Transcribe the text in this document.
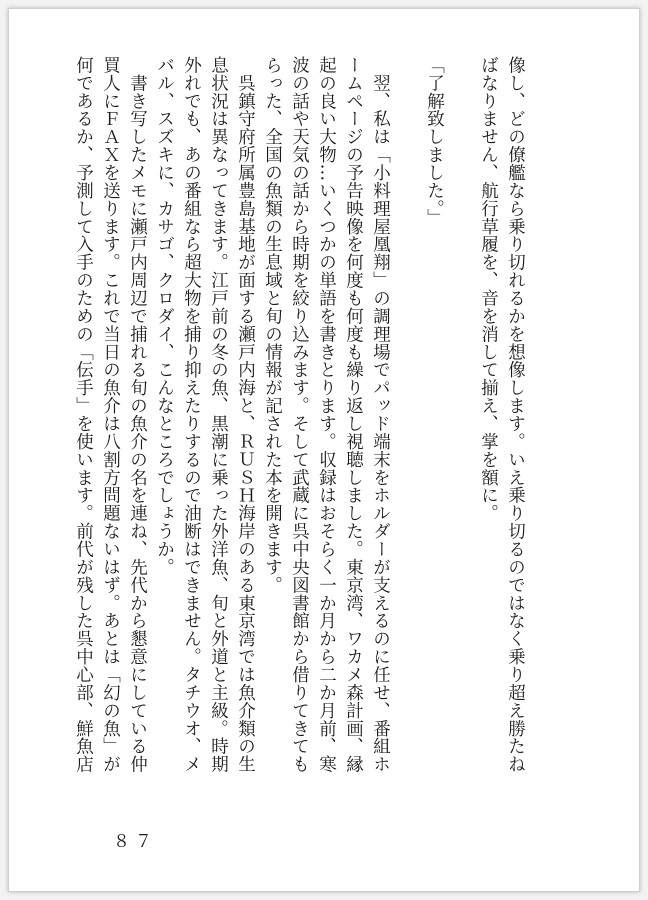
像し、どの僚艦なら乗り切れるかを想像します。いえ乗り切るのではなく乗り超え勝たね
ばなりません、航行草履を、音を消して揃え、掌を額に。
「了解致しました。」
　翌、私は「小料理屋凰翔」の調理場でパッド端末をホルダーが支えるのに任せ、番組ホ
ームページの予告映像を何度も何度も繰り返し視聴しました。東京湾、ワカメ森計画、縁
起の良い大物…いくつかの単語を書きとります。収録はおそらく一か月から二か月前、寒
波の話や天気の話から時期を絞り込みます。そして武蔵に呉中央図書館から借りてきても
らった、全国の魚類の生息域と旬の情報が記された本を開きます。
　呉鎮守府所属豊島基地が面する瀬戸内海と、ＲＵＳＨ海岸のある東京湾では魚介類の生
息状況は異なってきます。江戸前の冬の魚、黒潮に乗った外洋魚、旬と外道と主級。時期
外れでも、あの番組なら超大物を捕り抑えたりするので油断はできません。タチウオ、メ
バル、スズキに、カサゴ、クロダイ、こんなところでしょうか。
　書き写したメモに瀬戸内周辺で捕れる旬の魚介の名を連ね、先代から懇意にしている仲
買人にＦＡＸを送ります。これで当日の魚介は八割方問題ないはず。あとは「幻の魚」が
何であるか、予測して入手のための「伝手」を使います。前代が残した呉中心部、鮮魚店
８７
